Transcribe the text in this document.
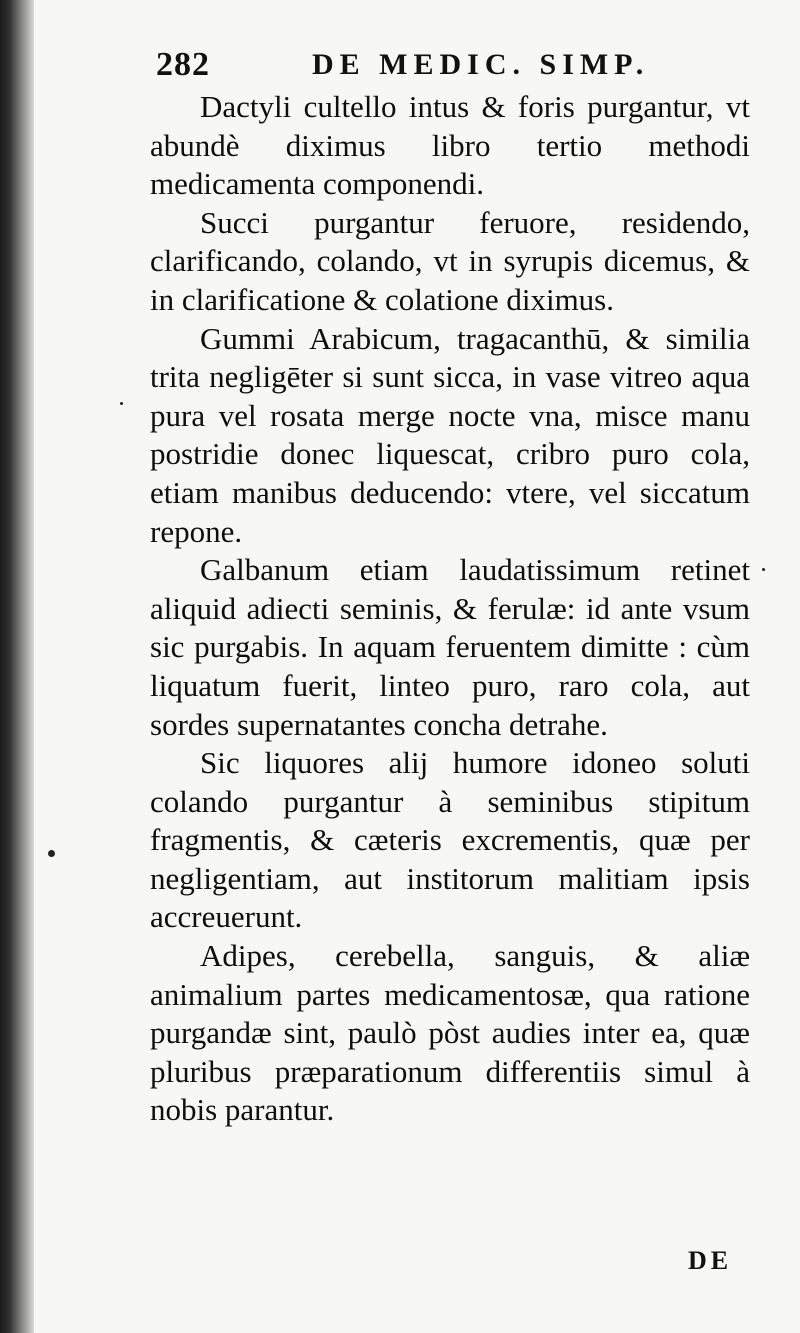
282	DE MEDIC. SIMP.

Dactyli cultello intus & foris purgantur, vt abundè diximus libro tertio methodi medicamenta componendi.

Succi purgantur feruore, residendo, clarificando, colando, vt in syrupis dicemus, & in clarificatione & colatione diximus.

Gummi Arabicum, tragacanthū, & similia trita negligēter si sunt sicca, in vase vitreo aqua pura vel rosata merge nocte vna, misce manu postridie donec liquescat, cribro puro cola, etiam manibus deducendo: vtere, vel siccatum repone.

Galbanum etiam laudatissimum retinet aliquid adiecti seminis, & ferulæ: id ante vsum sic purgabis. In aquam feruentem dimitte : cùm liquatum fuerit, linteo puro, raro cola, aut sordes supernatantes concha detrahe.

Sic liquores alij humore idoneo soluti colando purgantur à seminibus stipitum fragmentis, & cæteris excrementis, quæ per negligentiam, aut institorum malitiam ipsis accreuerunt.

Adipes, cerebella, sanguis, & aliæ animalium partes medicamentosæ, qua ratione purgandæ sint, paulò pòst audies inter ea, quæ pluribus præparationum differentiis simul à nobis parantur.

DE
